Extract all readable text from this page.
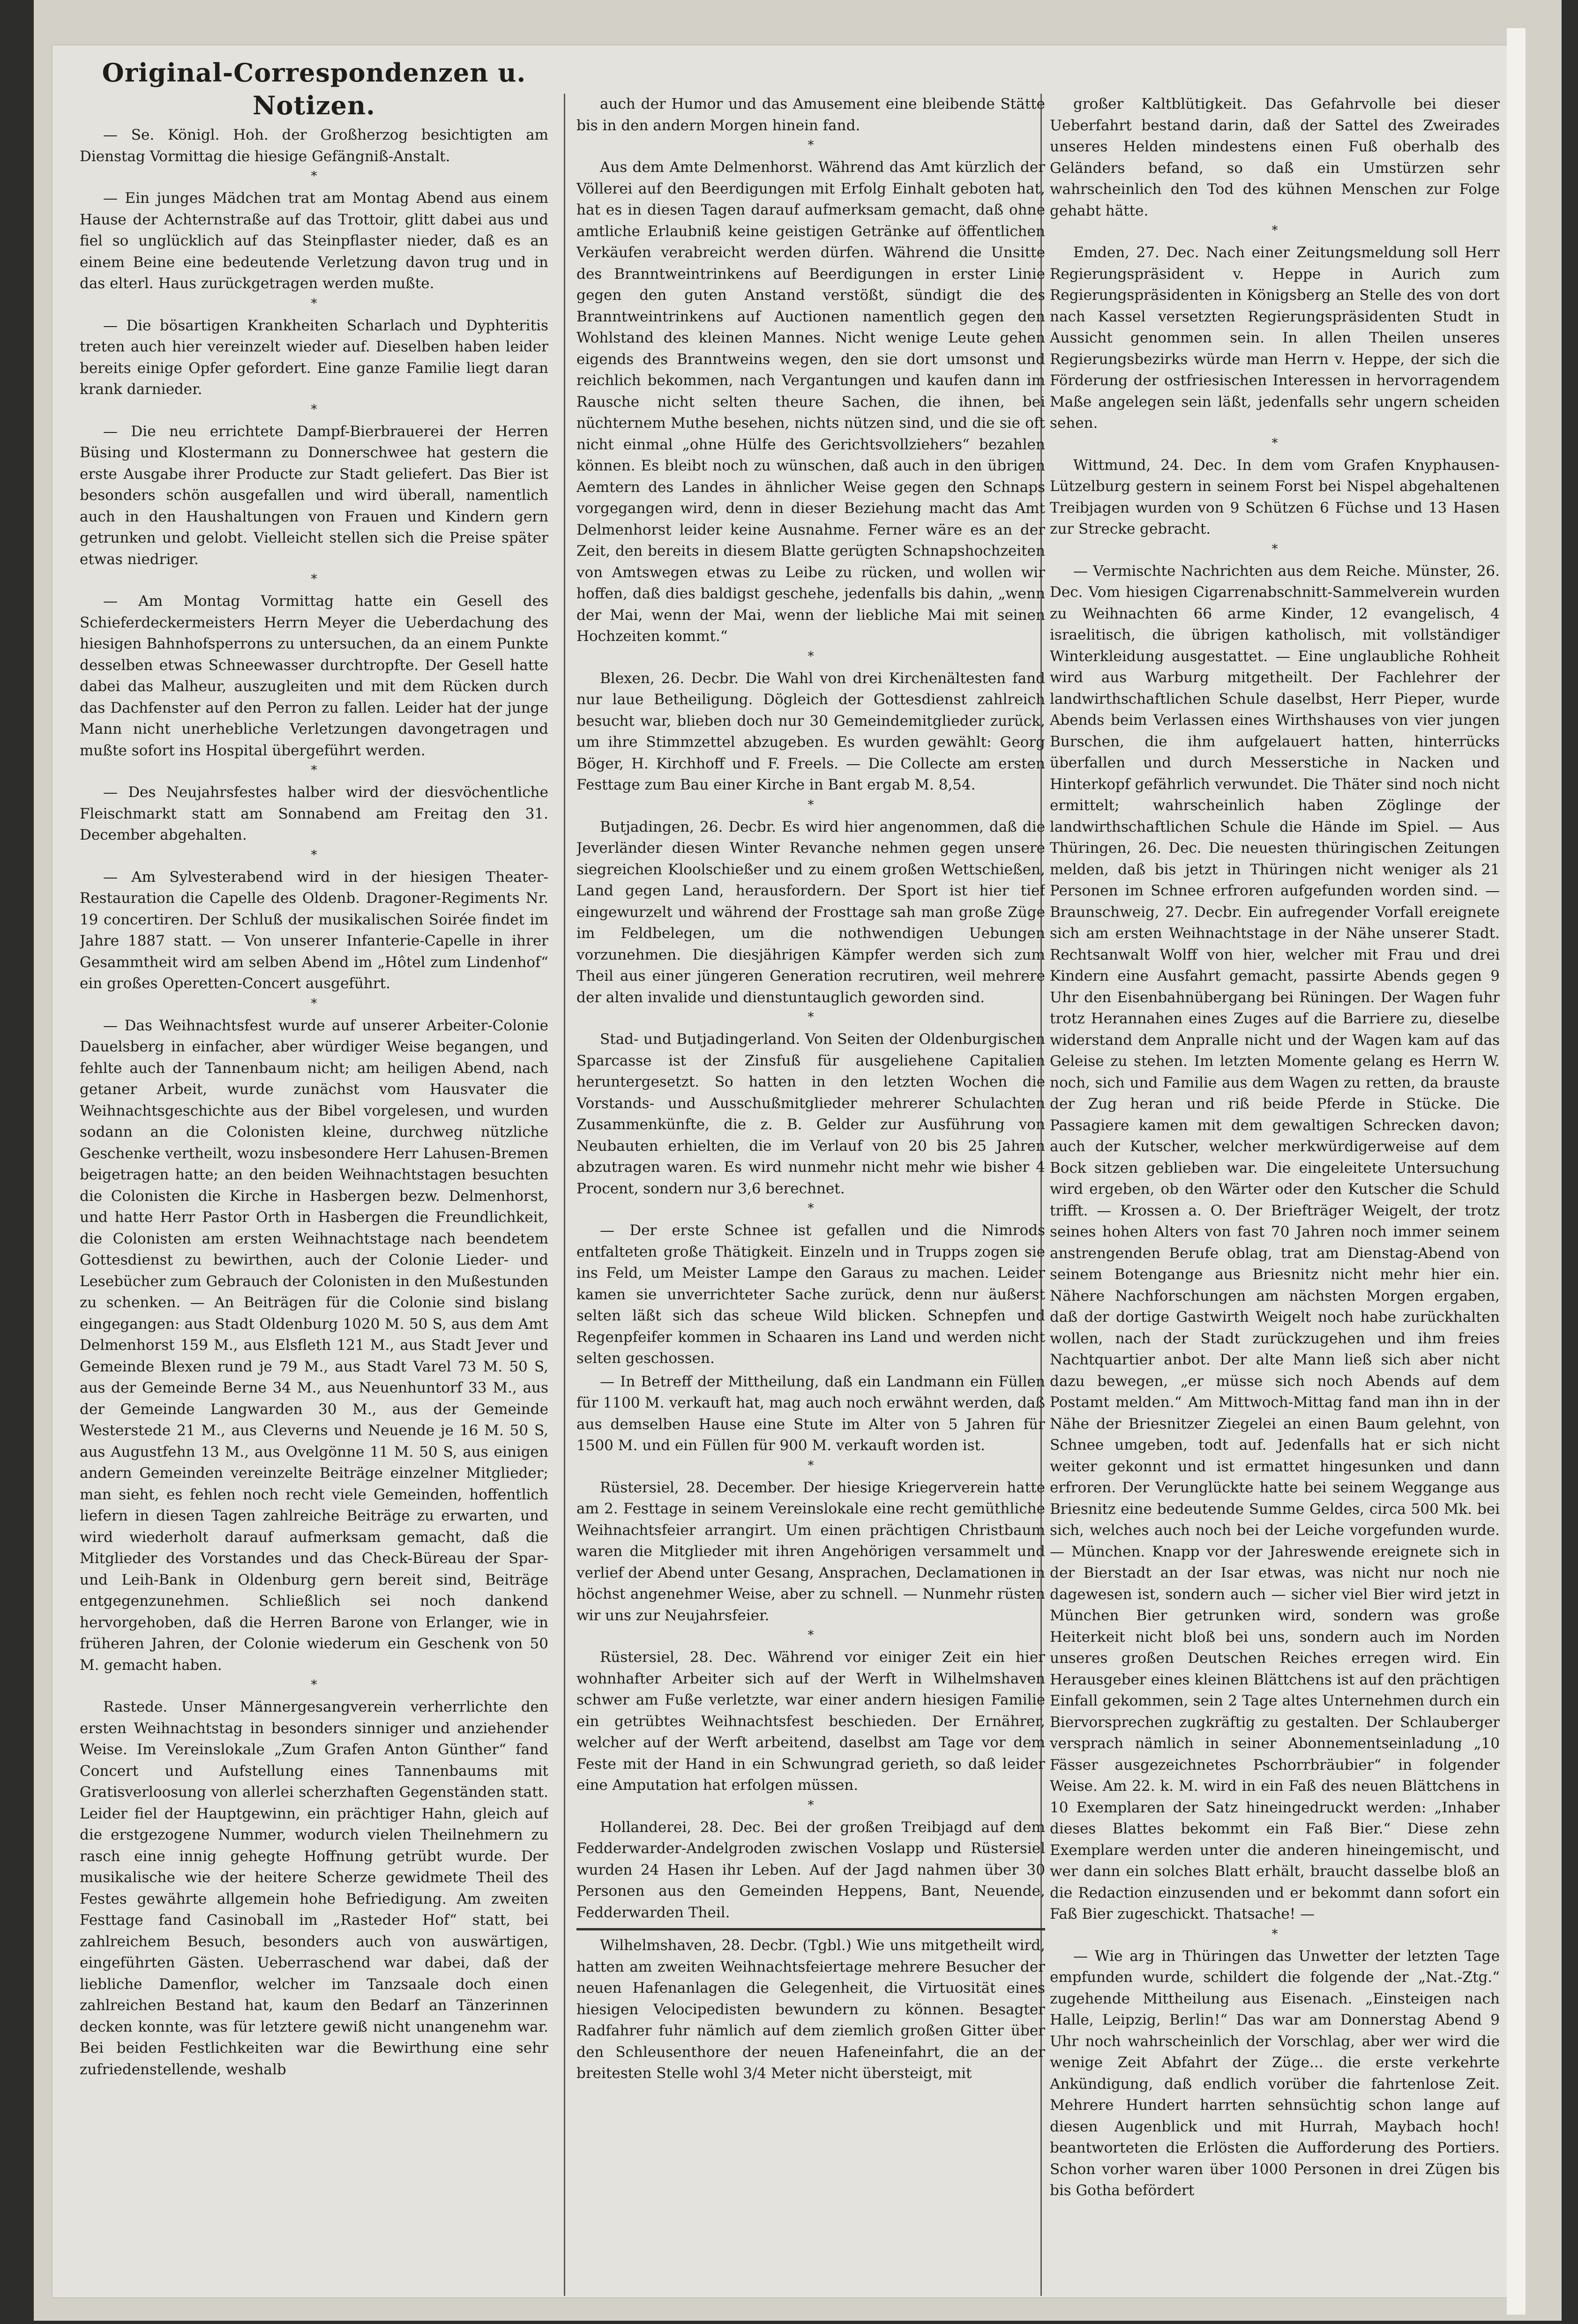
Original-Correspondenzen u. Notizen.

— Se. Königl. Hoh. der Großherzog besichtigten am Dienstag Vormittag die hiesige Gefängniß-Anstalt.

*

— Ein junges Mädchen trat am Montag Abend aus einem Hause der Achternstraße auf das Trottoir, glitt dabei aus und fiel so unglücklich auf das Steinpflaster nieder, daß es an einem Beine eine bedeutende Verletzung davon trug und in das elterl. Haus zurückgetragen werden mußte.

*

— Die bösartigen Krankheiten Scharlach und Dyphteritis treten auch hier vereinzelt wieder auf. Dieselben haben leider bereits einige Opfer gefordert. Eine ganze Familie liegt daran krank darnieder.

*

— Die neu errichtete Dampf-Bierbrauerei der Herren Büsing und Klostermann zu Donnerschwee hat gestern die erste Ausgabe ihrer Producte zur Stadt geliefert. Das Bier ist besonders schön ausgefallen und wird überall, namentlich auch in den Haushaltungen von Frauen und Kindern gern getrunken und gelobt. Vielleicht stellen sich die Preise später etwas niedriger.

*

— Am Montag Vormittag hatte ein Gesell des Schieferdeckermeisters Herrn Meyer die Ueberdachung des hiesigen Bahnhofsperrons zu untersuchen, da an einem Punkte desselben etwas Schneewasser durchtropfte. Der Gesell hatte dabei das Malheur, auszugleiten und mit dem Rücken durch das Dachfenster auf den Perron zu fallen. Leider hat der junge Mann nicht unerhebliche Verletzungen davongetragen und mußte sofort ins Hospital übergeführt werden.

*

— Des Neujahrsfestes halber wird der diesvöchentliche Fleischmarkt statt am Sonnabend am Freitag den 31. December abgehalten.

*

— Am Sylvesterabend wird in der hiesigen Theater-Restauration die Capelle des Oldenb. Dragoner-Regiments Nr. 19 concertiren. Der Schluß der musikalischen Soirée findet im Jahre 1887 statt. — Von unserer Infanterie-Capelle in ihrer Gesammtheit wird am selben Abend im „Hôtel zum Lindenhof“ ein großes Operetten-Concert ausgeführt.

*

— Das Weihnachtsfest wurde auf unserer Arbeiter-Colonie Dauelsberg in einfacher, aber würdiger Weise begangen, und fehlte auch der Tannenbaum nicht; am heiligen Abend, nach getaner Arbeit, wurde zunächst vom Hausvater die Weihnachtsgeschichte aus der Bibel vorgelesen, und wurden sodann an die Colonisten kleine, durchweg nützliche Geschenke vertheilt, wozu insbesondere Herr Lahusen-Bremen beigetragen hatte; an den beiden Weihnachtstagen besuchten die Colonisten die Kirche in Hasbergen bezw. Delmenhorst, und hatte Herr Pastor Orth in Hasbergen die Freundlichkeit, die Colonisten am ersten Weihnachtstage nach beendetem Gottesdienst zu bewirthen, auch der Colonie Lieder- und Lesebücher zum Gebrauch der Colonisten in den Mußestunden zu schenken. — An Beiträgen für die Colonie sind bislang eingegangen: aus Stadt Oldenburg 1020 M. 50 S, aus dem Amt Delmenhorst 159 M., aus Elsfleth 121 M., aus Stadt Jever und Gemeinde Blexen rund je 79 M., aus Stadt Varel 73 M. 50 S, aus der Gemeinde Berne 34 M., aus Neuenhuntorf 33 M., aus der Gemeinde Langwarden 30 M., aus der Gemeinde Westerstede 21 M., aus Cleverns und Neuende je 16 M. 50 S, aus Augustfehn 13 M., aus Ovelgönne 11 M. 50 S, aus einigen andern Gemeinden vereinzelte Beiträge einzelner Mitglieder; man sieht, es fehlen noch recht viele Gemeinden, hoffentlich liefern in diesen Tagen zahlreiche Beiträge zu erwarten, und wird wiederholt darauf aufmerksam gemacht, daß die Mitglieder des Vorstandes und das Check-Büreau der Spar- und Leih-Bank in Oldenburg gern bereit sind, Beiträge entgegenzunehmen. Schließlich sei noch dankend hervorgehoben, daß die Herren Barone von Erlanger, wie in früheren Jahren, der Colonie wiederum ein Geschenk von 50 M. gemacht haben.

*

Rastede. Unser Männergesangverein verherrlichte den ersten Weihnachtstag in besonders sinniger und anziehender Weise. Im Vereinslokale „Zum Grafen Anton Günther“ fand Concert und Aufstellung eines Tannenbaums mit Gratisverloosung von allerlei scherzhaften Gegenständen statt. Leider fiel der Hauptgewinn, ein prächtiger Hahn, gleich auf die erstgezogene Nummer, wodurch vielen Theilnehmern zu rasch eine innig gehegte Hoffnung getrübt wurde. Der musikalische wie der heitere Scherze gewidmete Theil des Festes gewährte allgemein hohe Befriedigung. Am zweiten Festtage fand Casinoball im „Rasteder Hof“ statt, bei zahlreichem Besuch, besonders auch von auswärtigen, eingeführten Gästen. Ueberraschend war dabei, daß der liebliche Damenflor, welcher im Tanzsaale doch einen zahlreichen Bestand hat, kaum den Bedarf an Tänzerinnen decken konnte, was für letztere gewiß nicht unangenehm war. Bei beiden Festlichkeiten war die Bewirthung eine sehr zufriedenstellende, weshalb

auch der Humor und das Amusement eine bleibende Stätte bis in den andern Morgen hinein fand.

*

Aus dem Amte Delmenhorst. Während das Amt kürzlich der Völlerei auf den Beerdigungen mit Erfolg Einhalt geboten hat, hat es in diesen Tagen darauf aufmerksam gemacht, daß ohne amtliche Erlaubniß keine geistigen Getränke auf öffentlichen Verkäufen verabreicht werden dürfen. Während die Unsitte des Branntweintrinkens auf Beerdigungen in erster Linie gegen den guten Anstand verstößt, sündigt die des Branntweintrinkens auf Auctionen namentlich gegen den Wohlstand des kleinen Mannes. Nicht wenige Leute gehen eigends des Branntweins wegen, den sie dort umsonst und reichlich bekommen, nach Vergantungen und kaufen dann im Rausche nicht selten theure Sachen, die ihnen, bei nüchternem Muthe besehen, nichts nützen sind, und die sie oft nicht einmal „ohne Hülfe des Gerichtsvollziehers“ bezahlen können. Es bleibt noch zu wünschen, daß auch in den übrigen Aemtern des Landes in ähnlicher Weise gegen den Schnaps vorgegangen wird, denn in dieser Beziehung macht das Amt Delmenhorst leider keine Ausnahme. Ferner wäre es an der Zeit, den bereits in diesem Blatte gerügten Schnapshochzeiten von Amtswegen etwas zu Leibe zu rücken, und wollen wir hoffen, daß dies baldigst geschehe, jedenfalls bis dahin, „wenn der Mai, wenn der Mai, wenn der liebliche Mai mit seinen Hochzeiten kommt.“

*

Blexen, 26. Decbr. Die Wahl von drei Kirchenältesten fand nur laue Betheiligung. Dögleich der Gottesdienst zahlreich besucht war, blieben doch nur 30 Gemeindemitglieder zurück, um ihre Stimmzettel abzugeben. Es wurden gewählt: Georg Böger, H. Kirchhoff und F. Freels. — Die Collecte am ersten Festtage zum Bau einer Kirche in Bant ergab M. 8,54.

*

Butjadingen, 26. Decbr. Es wird hier angenommen, daß die Jeverländer diesen Winter Revanche nehmen gegen unsere siegreichen Kloolschießer und zu einem großen Wettschießen, Land gegen Land, herausfordern. Der Sport ist hier tief eingewurzelt und während der Frosttage sah man große Züge im Feldbelegen, um die nothwendigen Uebungen vorzunehmen. Die diesjährigen Kämpfer werden sich zum Theil aus einer jüngeren Generation recrutiren, weil mehrere der alten invalide und dienstuntauglich geworden sind.

*

Stad- und Butjadingerland. Von Seiten der Oldenburgischen Sparcasse ist der Zinsfuß für ausgeliehene Capitalien heruntergesetzt. So hatten in den letzten Wochen die Vorstands- und Ausschußmitglieder mehrerer Schulachten Zusammenkünfte, die z. B. Gelder zur Ausführung von Neubauten erhielten, die im Verlauf von 20 bis 25 Jahren abzutragen waren. Es wird nunmehr nicht mehr wie bisher 4 Procent, sondern nur 3,6 berechnet.

*

— Der erste Schnee ist gefallen und die Nimrods entfalteten große Thätigkeit. Einzeln und in Trupps zogen sie ins Feld, um Meister Lampe den Garaus zu machen. Leider kamen sie unverrichteter Sache zurück, denn nur äußerst selten läßt sich das scheue Wild blicken. Schnepfen und Regenpfeifer kommen in Schaaren ins Land und werden nicht selten geschossen.

— In Betreff der Mittheilung, daß ein Landmann ein Füllen für 1100 M. verkauft hat, mag auch noch erwähnt werden, daß aus demselben Hause eine Stute im Alter von 5 Jahren für 1500 M. und ein Füllen für 900 M. verkauft worden ist.

*

Rüstersiel, 28. December. Der hiesige Kriegerverein hatte am 2. Festtage in seinem Vereinslokale eine recht gemüthliche Weihnachtsfeier arrangirt. Um einen prächtigen Christbaum waren die Mitglieder mit ihren Angehörigen versammelt und verlief der Abend unter Gesang, Ansprachen, Declamationen in höchst angenehmer Weise, aber zu schnell. — Nunmehr rüsten wir uns zur Neujahrsfeier.

*

Rüstersiel, 28. Dec. Während vor einiger Zeit ein hier wohnhafter Arbeiter sich auf der Werft in Wilhelmshaven schwer am Fuße verletzte, war einer andern hiesigen Familie ein getrübtes Weihnachtsfest beschieden. Der Ernährer, welcher auf der Werft arbeitend, daselbst am Tage vor dem Feste mit der Hand in ein Schwungrad gerieth, so daß leider eine Amputation hat erfolgen müssen.

*

Hollanderei, 28. Dec. Bei der großen Treibjagd auf dem Fedderwarder-Andelgroden zwischen Voslapp und Rüstersiel wurden 24 Hasen ihr Leben. Auf der Jagd nahmen über 30 Personen aus den Gemeinden Heppens, Bant, Neuende, Fedderwarden Theil.

Wilhelmshaven, 28. Decbr. (Tgbl.) Wie uns mitgetheilt wird, hatten am zweiten Weihnachtsfeiertage mehrere Besucher der neuen Hafenanlagen die Gelegenheit, die Virtuosität eines hiesigen Velocipedisten bewundern zu können. Besagter Radfahrer fuhr nämlich auf dem ziemlich großen Gitter über den Schleusenthore der neuen Hafeneinfahrt, die an der breitesten Stelle wohl 3/4 Meter nicht übersteigt, mit

großer Kaltblütigkeit. Das Gefahrvolle bei dieser Ueberfahrt bestand darin, daß der Sattel des Zweirades unseres Helden mindestens einen Fuß oberhalb des Geländers befand, so daß ein Umstürzen sehr wahrscheinlich den Tod des kühnen Menschen zur Folge gehabt hätte.

*

Emden, 27. Dec. Nach einer Zeitungsmeldung soll Herr Regierungspräsident v. Heppe in Aurich zum Regierungspräsidenten in Königsberg an Stelle des von dort nach Kassel versetzten Regierungspräsidenten Studt in Aussicht genommen sein. In allen Theilen unseres Regierungsbezirks würde man Herrn v. Heppe, der sich die Förderung der ostfriesischen Interessen in hervorragendem Maße angelegen sein läßt, jedenfalls sehr ungern scheiden sehen.

*

Wittmund, 24. Dec. In dem vom Grafen Knyphausen-Lützelburg gestern in seinem Forst bei Nispel abgehaltenen Treibjagen wurden von 9 Schützen 6 Füchse und 13 Hasen zur Strecke gebracht.

*

— Vermischte Nachrichten aus dem Reiche. Münster, 26. Dec. Vom hiesigen Cigarrenabschnitt-Sammelverein wurden zu Weihnachten 66 arme Kinder, 12 evangelisch, 4 israelitisch, die übrigen katholisch, mit vollständiger Winterkleidung ausgestattet. — Eine unglaubliche Rohheit wird aus Warburg mitgetheilt. Der Fachlehrer der landwirthschaftlichen Schule daselbst, Herr Pieper, wurde Abends beim Verlassen eines Wirthshauses von vier jungen Burschen, die ihm aufgelauert hatten, hinterrücks überfallen und durch Messerstiche in Nacken und Hinterkopf gefährlich verwundet. Die Thäter sind noch nicht ermittelt; wahrscheinlich haben Zöglinge der landwirthschaftlichen Schule die Hände im Spiel. — Aus Thüringen, 26. Dec. Die neuesten thüringischen Zeitungen melden, daß bis jetzt in Thüringen nicht weniger als 21 Personen im Schnee erfroren aufgefunden worden sind. — Braunschweig, 27. Decbr. Ein aufregender Vorfall ereignete sich am ersten Weihnachtstage in der Nähe unserer Stadt. Rechtsanwalt Wolff von hier, welcher mit Frau und drei Kindern eine Ausfahrt gemacht, passirte Abends gegen 9 Uhr den Eisenbahnübergang bei Rüningen. Der Wagen fuhr trotz Herannahen eines Zuges auf die Barriere zu, dieselbe widerstand dem Anpralle nicht und der Wagen kam auf das Geleise zu stehen. Im letzten Momente gelang es Herrn W. noch, sich und Familie aus dem Wagen zu retten, da brauste der Zug heran und riß beide Pferde in Stücke. Die Passagiere kamen mit dem gewaltigen Schrecken davon; auch der Kutscher, welcher merkwürdigerweise auf dem Bock sitzen geblieben war. Die eingeleitete Untersuchung wird ergeben, ob den Wärter oder den Kutscher die Schuld trifft. — Krossen a. O. Der Briefträger Weigelt, der trotz seines hohen Alters von fast 70 Jahren noch immer seinem anstrengenden Berufe oblag, trat am Dienstag-Abend von seinem Botengange aus Briesnitz nicht mehr hier ein. Nähere Nachforschungen am nächsten Morgen ergaben, daß der dortige Gastwirth Weigelt noch habe zurückhalten wollen, nach der Stadt zurückzugehen und ihm freies Nachtquartier anbot. Der alte Mann ließ sich aber nicht dazu bewegen, „er müsse sich noch Abends auf dem Postamt melden.“ Am Mittwoch-Mittag fand man ihn in der Nähe der Briesnitzer Ziegelei an einen Baum gelehnt, von Schnee umgeben, todt auf. Jedenfalls hat er sich nicht weiter gekonnt und ist ermattet hingesunken und dann erfroren. Der Verunglückte hatte bei seinem Weggange aus Briesnitz eine bedeutende Summe Geldes, circa 500 Mk. bei sich, welches auch noch bei der Leiche vorgefunden wurde. — München. Knapp vor der Jahreswende ereignete sich in der Bierstadt an der Isar etwas, was nicht nur noch nie dagewesen ist, sondern auch — sicher viel Bier wird jetzt in München Bier getrunken wird, sondern was große Heiterkeit nicht bloß bei uns, sondern auch im Norden unseres großen Deutschen Reiches erregen wird. Ein Herausgeber eines kleinen Blättchens ist auf den prächtigen Einfall gekommen, sein 2 Tage altes Unternehmen durch ein Biervorsprechen zugkräftig zu gestalten. Der Schlauberger versprach nämlich in seiner Abonnementseinladung „10 Fässer ausgezeichnetes Pschorrbräubier“ in folgender Weise. Am 22. k. M. wird in ein Faß des neuen Blättchens in 10 Exemplaren der Satz hineingedruckt werden: „Inhaber dieses Blattes bekommt ein Faß Bier.“ Diese zehn Exemplare werden unter die anderen hineingemischt, und wer dann ein solches Blatt erhält, braucht dasselbe bloß an die Redaction einzusenden und er bekommt dann sofort ein Faß Bier zugeschickt. Thatsache! —

*

— Wie arg in Thüringen das Unwetter der letzten Tage empfunden wurde, schildert die folgende der „Nat.-Ztg.“ zugehende Mittheilung aus Eisenach. „Einsteigen nach Halle, Leipzig, Berlin!“ Das war am Donnerstag Abend 9 Uhr noch wahrscheinlich der Vorschlag, aber wer wird die wenige Zeit Abfahrt der Züge... die erste verkehrte Ankündigung, daß endlich vorüber die fahrtenlose Zeit. Mehrere Hundert harrten sehnsüchtig schon lange auf diesen Augenblick und mit Hurrah, Maybach hoch! beantworteten die Erlösten die Aufforderung des Portiers. Schon vorher waren über 1000 Personen in drei Zügen bis bis Gotha befördert
